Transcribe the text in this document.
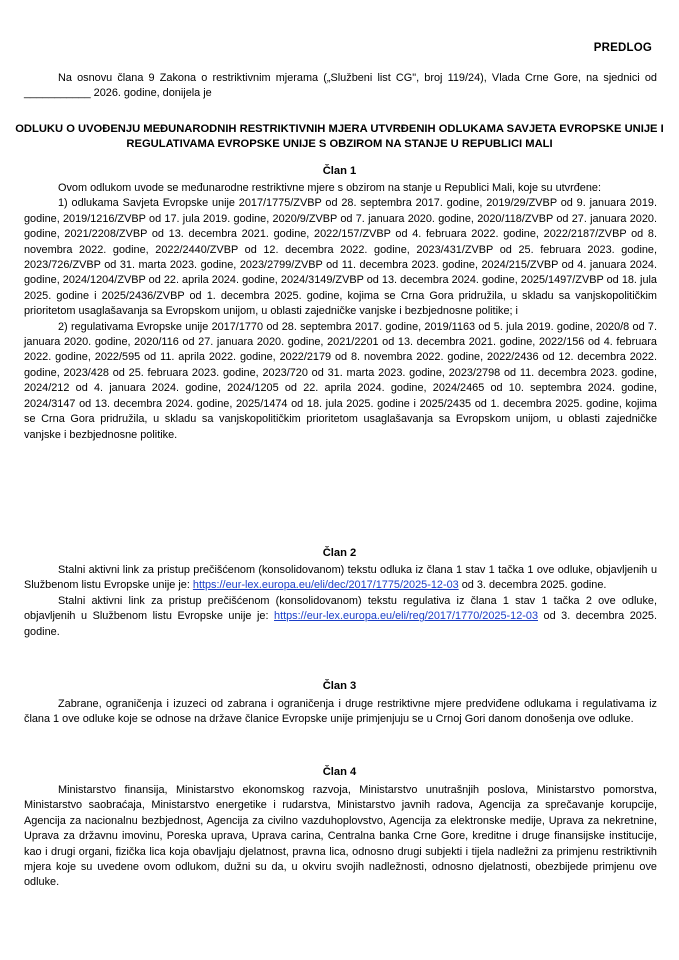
PREDLOG
Na osnovu člana 9 Zakona o restriktivnim mjerama („Službeni list CG", broj 119/24), Vlada Crne Gore, na sjednici od ___________ 2026. godine, donijela je
ODLUKU O UVOĐENJU MEĐUNARODNIH RESTRIKTIVNIH MJERA UTVRĐENIH ODLUKAMA SAVJETA EVROPSKE UNIJE I REGULATIVAMA EVROPSKE UNIJE S OBZIROM NA STANJE U REPUBLICI MALI
Član 1

Ovom odlukom uvode se međunarodne restriktivne mjere s obzirom na stanje u Republici Mali, koje su utvrđene:

1) odlukama Savjeta Evropske unije 2017/1775/ZVBP od 28. septembra 2017. godine, 2019/29/ZVBP od 9. januara 2019. godine, 2019/1216/ZVBP od 17. jula 2019. godine, 2020/9/ZVBP od 7. januara 2020. godine, 2020/118/ZVBP od 27. januara 2020. godine, 2021/2208/ZVBP od 13. decembra 2021. godine, 2022/157/ZVBP od 4. februara 2022. godine, 2022/2187/ZVBP od 8. novembra 2022. godine, 2022/2440/ZVBP od 12. decembra 2022. godine, 2023/431/ZVBP od 25. februara 2023. godine, 2023/726/ZVBP od 31. marta 2023. godine, 2023/2799/ZVBP od 11. decembra 2023. godine, 2024/215/ZVBP od 4. januara 2024. godine, 2024/1204/ZVBP od 22. aprila 2024. godine, 2024/3149/ZVBP od 13. decembra 2024. godine, 2025/1497/ZVBP od 18. jula 2025. godine i 2025/2436/ZVBP od 1. decembra 2025. godine, kojima se Crna Gora pridružila, u skladu sa vanjskopolitičkim prioritetom usaglašavanja sa Evropskom unijom, u oblasti zajedničke vanjske i bezbjednosne politike; i

2) regulativama Evropske unije 2017/1770 od 28. septembra 2017. godine, 2019/1163 od 5. jula 2019. godine, 2020/8 od 7. januara 2020. godine, 2020/116 od 27. januara 2020. godine, 2021/2201 od 13. decembra 2021. godine, 2022/156 od 4. februara 2022. godine, 2022/595 od 11. aprila 2022. godine, 2022/2179 od 8. novembra 2022. godine, 2022/2436 od 12. decembra 2022. godine, 2023/428 od 25. februara 2023. godine, 2023/720 od 31. marta 2023. godine, 2023/2798 od 11. decembra 2023. godine, 2024/212 od 4. januara 2024. godine, 2024/1205 od 22. aprila 2024. godine, 2024/2465 od 10. septembra 2024. godine, 2024/3147 od 13. decembra 2024. godine, 2025/1474 od 18. jula 2025. godine i 2025/2435 od 1. decembra 2025. godine, kojima se Crna Gora pridružila, u skladu sa vanjskopolitičkim prioritetom usaglašavanja sa Evropskom unijom, u oblasti zajedničke vanjske i bezbjednosne politike.

Član 2

Stalni aktivni link za pristup prečišćenom (konsolidovanom) tekstu odluka iz člana 1 stav 1 tačka 1 ove odluke, objavljenih u Službenom listu Evropske unije je: https://eur-lex.europa.eu/eli/dec/2017/1775/2025-12-03 od 3. decembra 2025. godine.

Stalni aktivni link za pristup prečišćenom (konsolidovanom) tekstu regulativa iz člana 1 stav 1 tačka 2 ove odluke, objavljenih u Službenom listu Evropske unije je: https://eur-lex.europa.eu/eli/reg/2017/1770/2025-12-03 od 3. decembra 2025. godine.

Član 3

Zabrane, ograničenja i izuzeci od zabrana i ograničenja i druge restriktivne mjere predviđene odlukama i regulativama iz člana 1 ove odluke koje se odnose na države članice Evropske unije primjenjuju se u Crnoj Gori danom donošenja ove odluke.

Član 4

Ministarstvo finansija, Ministarstvo ekonomskog razvoja, Ministarstvo unutrašnjih poslova, Ministarstvo pomorstva, Ministarstvo saobraćaja, Ministarstvo energetike i rudarstva, Ministarstvo javnih radova, Agencija za sprečavanje korupcije, Agencija za nacionalnu bezbjednost, Agencija za civilno vazduhoplovstvo, Agencija za elektronske medije, Uprava za nekretnine, Uprava za državnu imovinu, Poreska uprava, Uprava carina, Centralna banka Crne Gore, kreditne i druge finansijske institucije, kao i drugi organi, fizička lica koja obavljaju djelatnost, pravna lica, odnosno drugi subjekti i tijela nadležni za primjenu restriktivnih mjera koje su uvedene ovom odlukom, dužni su da, u okviru svojih nadležnosti, odnosno djelatnosti, obezbijede primjenu ove odluke.
